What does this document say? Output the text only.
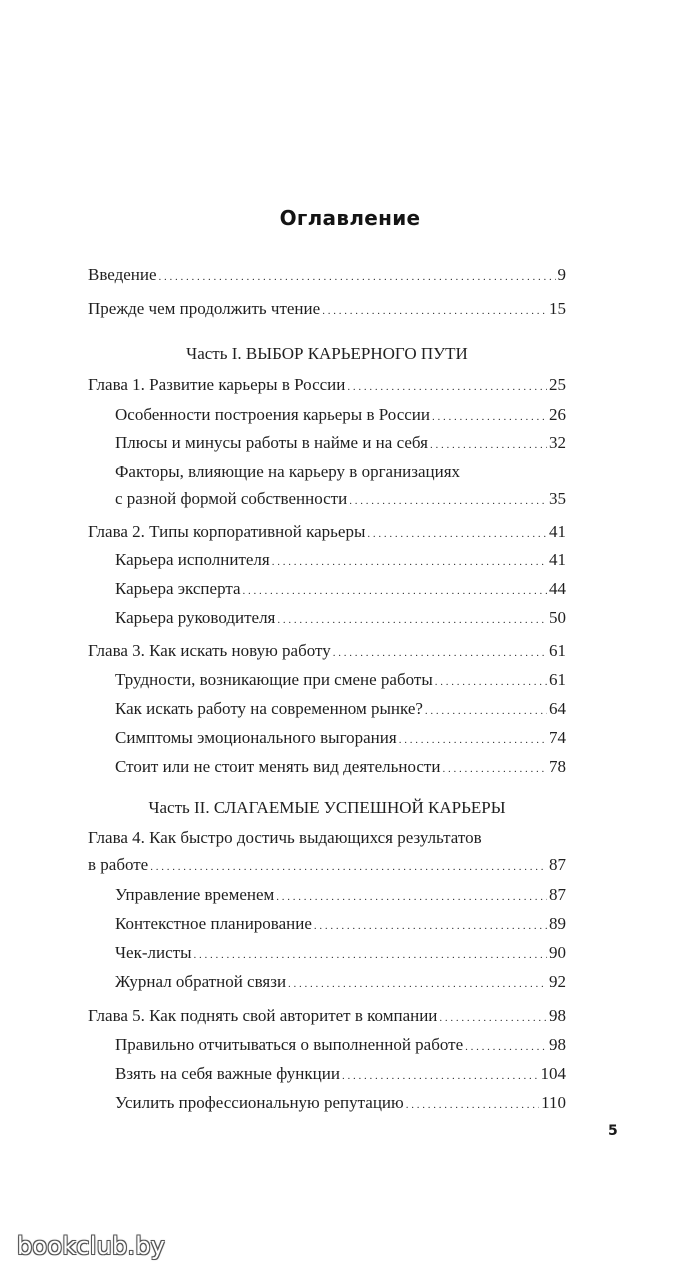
Оглавление
Введение . . .	9
Прежде чем продолжить чтение . . .	15
Часть I. ВЫБОР КАРЬЕРНОГО ПУТИ
Глава 1. Развитие карьеры в России . . .	25
Особенности построения карьеры в России . . .	26
Плюсы и минусы работы в найме и на себя . . .	32
Факторы, влияющие на карьеру в организациях
с разной формой собственности . . .	35
Глава 2. Типы корпоративной карьеры . . .	41
Карьера исполнителя . . .	41
Карьера эксперта . . .	44
Карьера руководителя . . .	50
Глава 3. Как искать новую работу . . .	61
Трудности, возникающие при смене работы . . .	61
Как искать работу на современном рынке? . . .	64
Симптомы эмоционального выгорания . . .	74
Стоит или не стоит менять вид деятельности . . .	78
Часть II. СЛАГАЕМЫЕ УСПЕШНОЙ КАРЬЕРЫ
Глава 4. Как быстро достичь выдающихся результатов
в работе . . .	87
Управление временем . . .	87
Контекстное планирование . . .	89
Чек-листы . . .	90
Журнал обратной связи . . .	92
Глава 5. Как поднять свой авторитет в компании . . .	98
Правильно отчитываться о выполненной работе . . .	98
Взять на себя важные функции . . .	104
Усилить профессиональную репутацию . . .	110
5
bookclub.by
